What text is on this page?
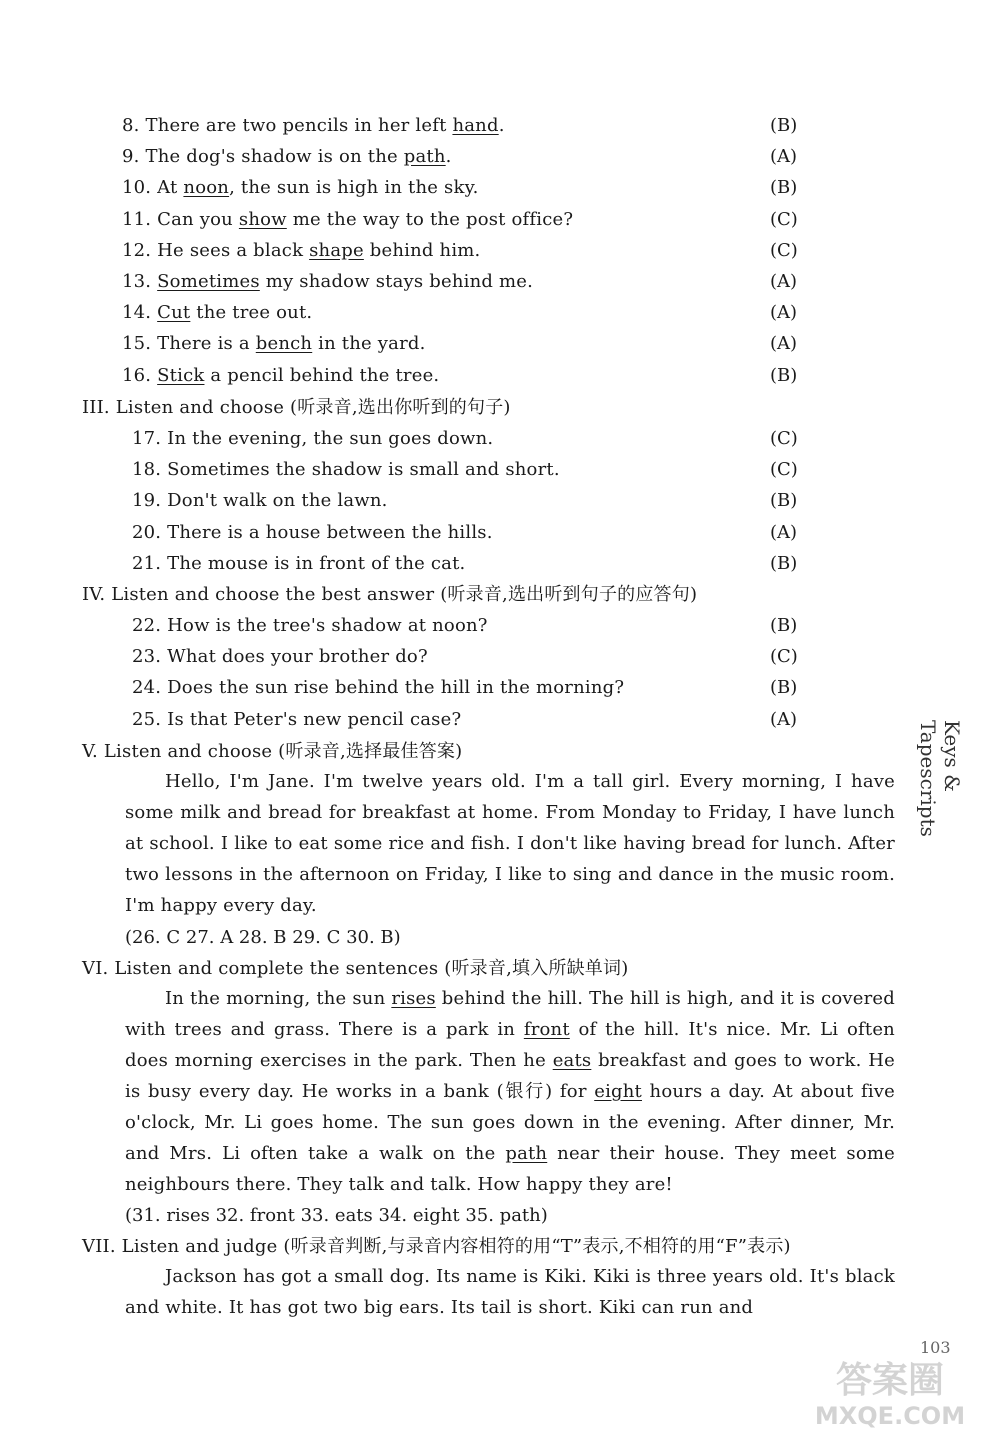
8. There are two pencils in her left hand.	(B)
9. The dog's shadow is on the path.	(A)
10. At noon, the sun is high in the sky.	(B)
11. Can you show me the way to the post office?	(C)
12. He sees a black shape behind him.	(C)
13. Sometimes my shadow stays behind me.	(A)
14. Cut the tree out.	(A)
15. There is a bench in the yard.	(A)
16. Stick a pencil behind the tree.	(B)
III. Listen and choose (听录音,选出你听到的句子)
17. In the evening, the sun goes down.	(C)
18. Sometimes the shadow is small and short.	(C)
19. Don't walk on the lawn.	(B)
20. There is a house between the hills.	(A)
21. The mouse is in front of the cat.	(B)
IV. Listen and choose the best answer (听录音,选出听到句子的应答句)
22. How is the tree's shadow at noon?	(B)
23. What does your brother do?	(C)
24. Does the sun rise behind the hill in the morning?	(B)
25. Is that Peter's new pencil case?	(A)
V. Listen and choose (听录音,选择最佳答案)
Hello, I'm Jane. I'm twelve years old. I'm a tall girl. Every morning, I have some milk and bread for breakfast at home. From Monday to Friday, I have lunch at school. I like to eat some rice and fish. I don't like having bread for lunch. After two lessons in the afternoon on Friday, I like to sing and dance in the music room. I'm happy every day.
(26. C 27. A 28. B 29. C 30. B)
VI. Listen and complete the sentences (听录音,填入所缺单词)
In the morning, the sun rises behind the hill. The hill is high, and it is covered with trees and grass. There is a park in front of the hill. It's nice. Mr. Li often does morning exercises in the park. Then he eats breakfast and goes to work. He is busy every day. He works in a bank (银行) for eight hours a day. At about five o'clock, Mr. Li goes home. The sun goes down in the evening. After dinner, Mr. and Mrs. Li often take a walk on the path near their house. They meet some neighbours there. They talk and talk. How happy they are!
(31. rises 32. front 33. eats 34. eight 35. path)
VII. Listen and judge (听录音判断,与录音内容相符的用“T”表示,不相符的用“F”表示)
Jackson has got a small dog. Its name is Kiki. Kiki is three years old. It's black and white. It has got two big ears. Its tail is short. Kiki can run and
Keys & Tapescripts
103
答案圈
MXQE.COM
